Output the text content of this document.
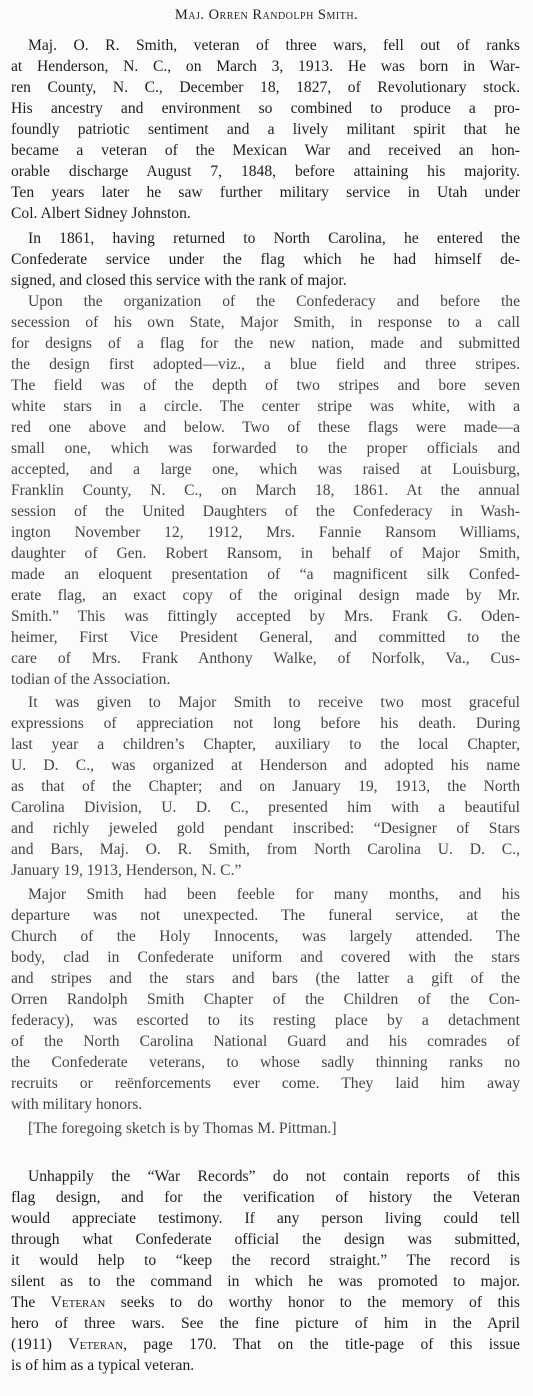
Maj. Orren Randolph Smith.
Maj. O. R. Smith, veteran of three wars, fell out of ranks
at Henderson, N. C., on March 3, 1913. He was born in War-
ren County, N. C., December 18, 1827, of Revolutionary stock.
His ancestry and environment so combined to produce a pro-
foundly patriotic sentiment and a lively militant spirit that he
became a veteran of the Mexican War and received an hon-
orable discharge August 7, 1848, before attaining his majority.
Ten years later he saw further military service in Utah under
Col. Albert Sidney Johnston.
In 1861, having returned to North Carolina, he entered the
Confederate service under the flag which he had himself de-
signed, and closed this service with the rank of major.
Upon the organization of the Confederacy and before the
secession of his own State, Major Smith, in response to a call
for designs of a flag for the new nation, made and submitted
the design first adopted—viz., a blue field and three stripes.
The field was of the depth of two stripes and bore seven
white stars in a circle. The center stripe was white, with a
red one above and below. Two of these flags were made—a
small one, which was forwarded to the proper officials and
accepted, and a large one, which was raised at Louisburg,
Franklin County, N. C., on March 18, 1861. At the annual
session of the United Daughters of the Confederacy in Wash-
ington November 12, 1912, Mrs. Fannie Ransom Williams,
daughter of Gen. Robert Ransom, in behalf of Major Smith,
made an eloquent presentation of “a magnificent silk Confed-
erate flag, an exact copy of the original design made by Mr.
Smith.” This was fittingly accepted by Mrs. Frank G. Oden-
heimer, First Vice President General, and committed to the
care of Mrs. Frank Anthony Walke, of Norfolk, Va., Cus-
todian of the Association.
It was given to Major Smith to receive two most graceful
expressions of appreciation not long before his death. During
last year a children’s Chapter, auxiliary to the local Chapter,
U. D. C., was organized at Henderson and adopted his name
as that of the Chapter; and on January 19, 1913, the North
Carolina Division, U. D. C., presented him with a beautiful
and richly jeweled gold pendant inscribed: “Designer of Stars
and Bars, Maj. O. R. Smith, from North Carolina U. D. C.,
January 19, 1913, Henderson, N. C.”
Major Smith had been feeble for many months, and his
departure was not unexpected. The funeral service, at the
Church of the Holy Innocents, was largely attended. The
body, clad in Confederate uniform and covered with the stars
and stripes and the stars and bars (the latter a gift of the
Orren Randolph Smith Chapter of the Children of the Con-
federacy), was escorted to its resting place by a detachment
of the North Carolina National Guard and his comrades of
the Confederate veterans, to whose sadly thinning ranks no
recruits or reënforcements ever come. They laid him away
with military honors.
[The foregoing sketch is by Thomas M. Pittman.]
Unhappily the “War Records” do not contain reports of this
flag design, and for the verification of history the Veteran
would appreciate testimony. If any person living could tell
through what Confederate official the design was submitted,
it would help to “keep the record straight.” The record is
silent as to the command in which he was promoted to major.
The Veteran seeks to do worthy honor to the memory of this
hero of three wars. See the fine picture of him in the April
(1911) Veteran, page 170. That on the title-page of this issue
is of him as a typical veteran.
